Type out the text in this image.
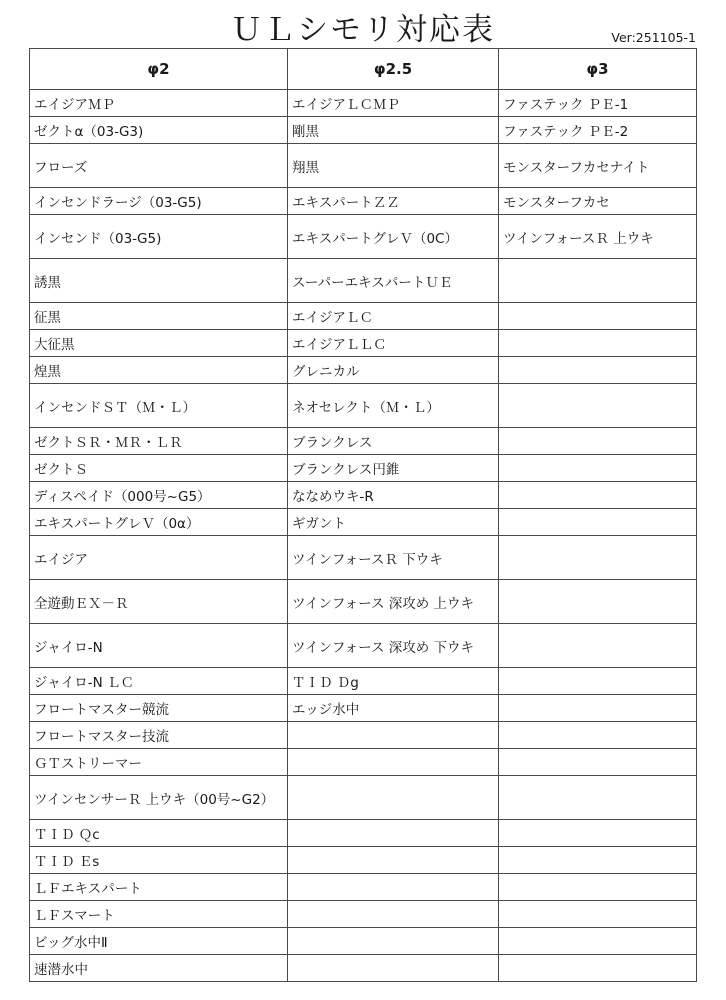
ＵＬシモリ対応表	Ver:251105-1
φ2	φ2.5	φ3
エイジアＭＰ	エイジアＬＣＭＰ	ファステック ＰＥ-1
ゼクトα（03-G3)	剛黒	ファステック ＰＥ-2
フローズ	翔黒	モンスターフカセナイト
インセンドラージ（03-G5)	エキスパートＺＺ	モンスターフカセ
インセンド（03-G5)	エキスパートグレＶ（0C）	ツインフォースＲ 上ウキ
誘黒	スーパーエキスパートＵＥ	
征黒	エイジアＬＣ	
大征黒	エイジアＬＬＣ	
煌黒	グレニカル	
インセンドＳＴ（Ｍ・Ｌ）	ネオセレクト（Ｍ・Ｌ）	
ゼクトＳＲ・ＭＲ・ＬＲ	ブランクレス	
ゼクトＳ	ブランクレス円錐	
ディスペイド（000号~G5）	ななめウキ-R	
エキスパートグレＶ（0α）	ギガント	
エイジア	ツインフォースＲ 下ウキ	
全遊動ＥＸ－Ｒ	ツインフォース 深攻め 上ウキ	
ジャイロ-N	ツインフォース 深攻め 下ウキ	
ジャイロ-N ＬＣ	ＴＩＤ Ｄg	
フロートマスター競流	エッジ水中	
フロートマスター技流		
ＧＴストリーマー		
ツインセンサーＲ 上ウキ（00号~G2）		
ＴＩＤ Ｑc		
ＴＩＤ Ｅs		
ＬＦエキスパート		
ＬＦスマート		
ビッグ水中Ⅱ		
速潜水中		
